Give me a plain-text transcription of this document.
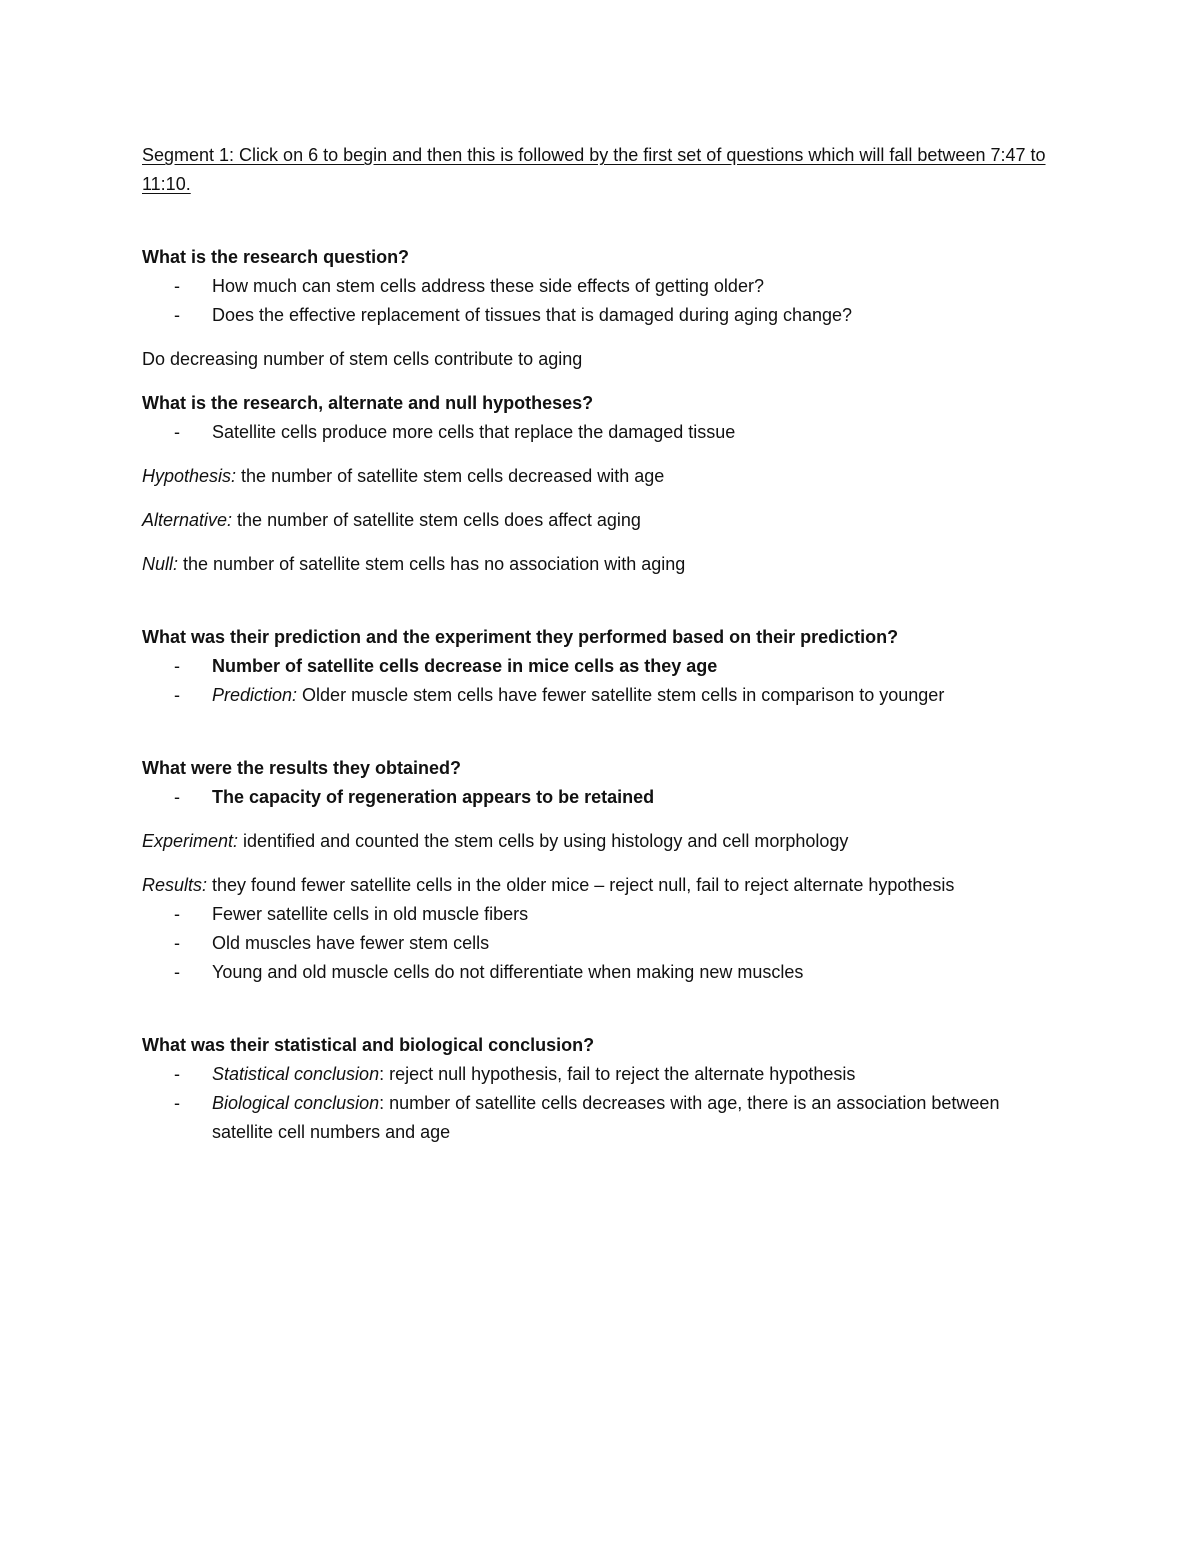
Segment 1: Click on 6 to begin and then this is followed by the first set of questions which will fall between 7:47 to 11:10.

What is the research question?

- How much can stem cells address these side effects of getting older?
- Does the effective replacement of tissues that is damaged during aging change?

Do decreasing number of stem cells contribute to aging

What is the research, alternate and null hypotheses?

- Satellite cells produce more cells that replace the damaged tissue

Hypothesis: the number of satellite stem cells decreased with age

Alternative: the number of satellite stem cells does affect aging

Null: the number of satellite stem cells has no association with aging

What was their prediction and the experiment they performed based on their prediction?

- Number of satellite cells decrease in mice cells as they age
- Prediction: Older muscle stem cells have fewer satellite stem cells in comparison to younger

What were the results they obtained?

- The capacity of regeneration appears to be retained

Experiment: identified and counted the stem cells by using histology and cell morphology

Results: they found fewer satellite cells in the older mice – reject null, fail to reject alternate hypothesis

- Fewer satellite cells in old muscle fibers
- Old muscles have fewer stem cells
- Young and old muscle cells do not differentiate when making new muscles

What was their statistical and biological conclusion?

- Statistical conclusion: reject null hypothesis, fail to reject the alternate hypothesis
- Biological conclusion: number of satellite cells decreases with age, there is an association between satellite cell numbers and age
